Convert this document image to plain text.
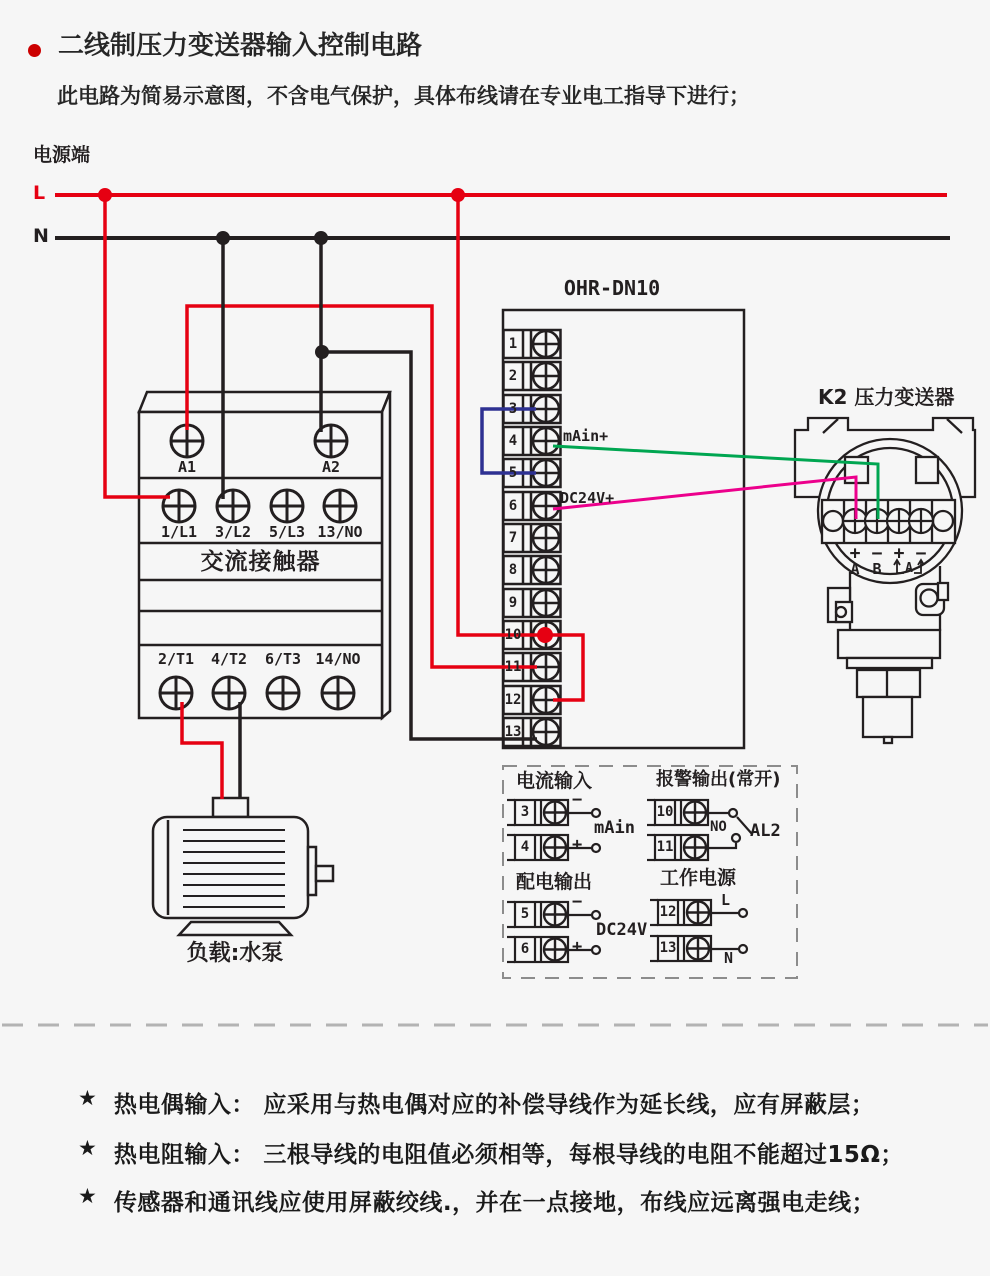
二线制压力变送器输入控制电路
此电路为简易示意图，不含电气保护，具体布线请在专业电工指导下进行；
电源端
L
N
A1	A2
1/L1	3/L2	5/L3 13/NO
交流接触器
2/T1	4/T2	6/T3 14/NO
负载:水泵
OHR-DN10
1
2
3
4
5
6
7
8
9
10
11
12
13
mAin+
DC24V+
K2 压力变送器
+ − + −
A B	A
电流输入	报警输出(常开)
配电输出	工作电源
3
4
−
+
mAin
10
11
NO AL2
5
6
−
+
DC24V
12
13
L
N
★ 热电偶输入： 应采用与热电偶对应的补偿导线作为延长线，应有屏蔽层；
★ 热电阻输入： 三根导线的电阻值必须相等，每根导线的电阻不能超过15Ω；
★ 传感器和通讯线应使用屏蔽绞线.，并在一点接地，布线应远离强电走线；
